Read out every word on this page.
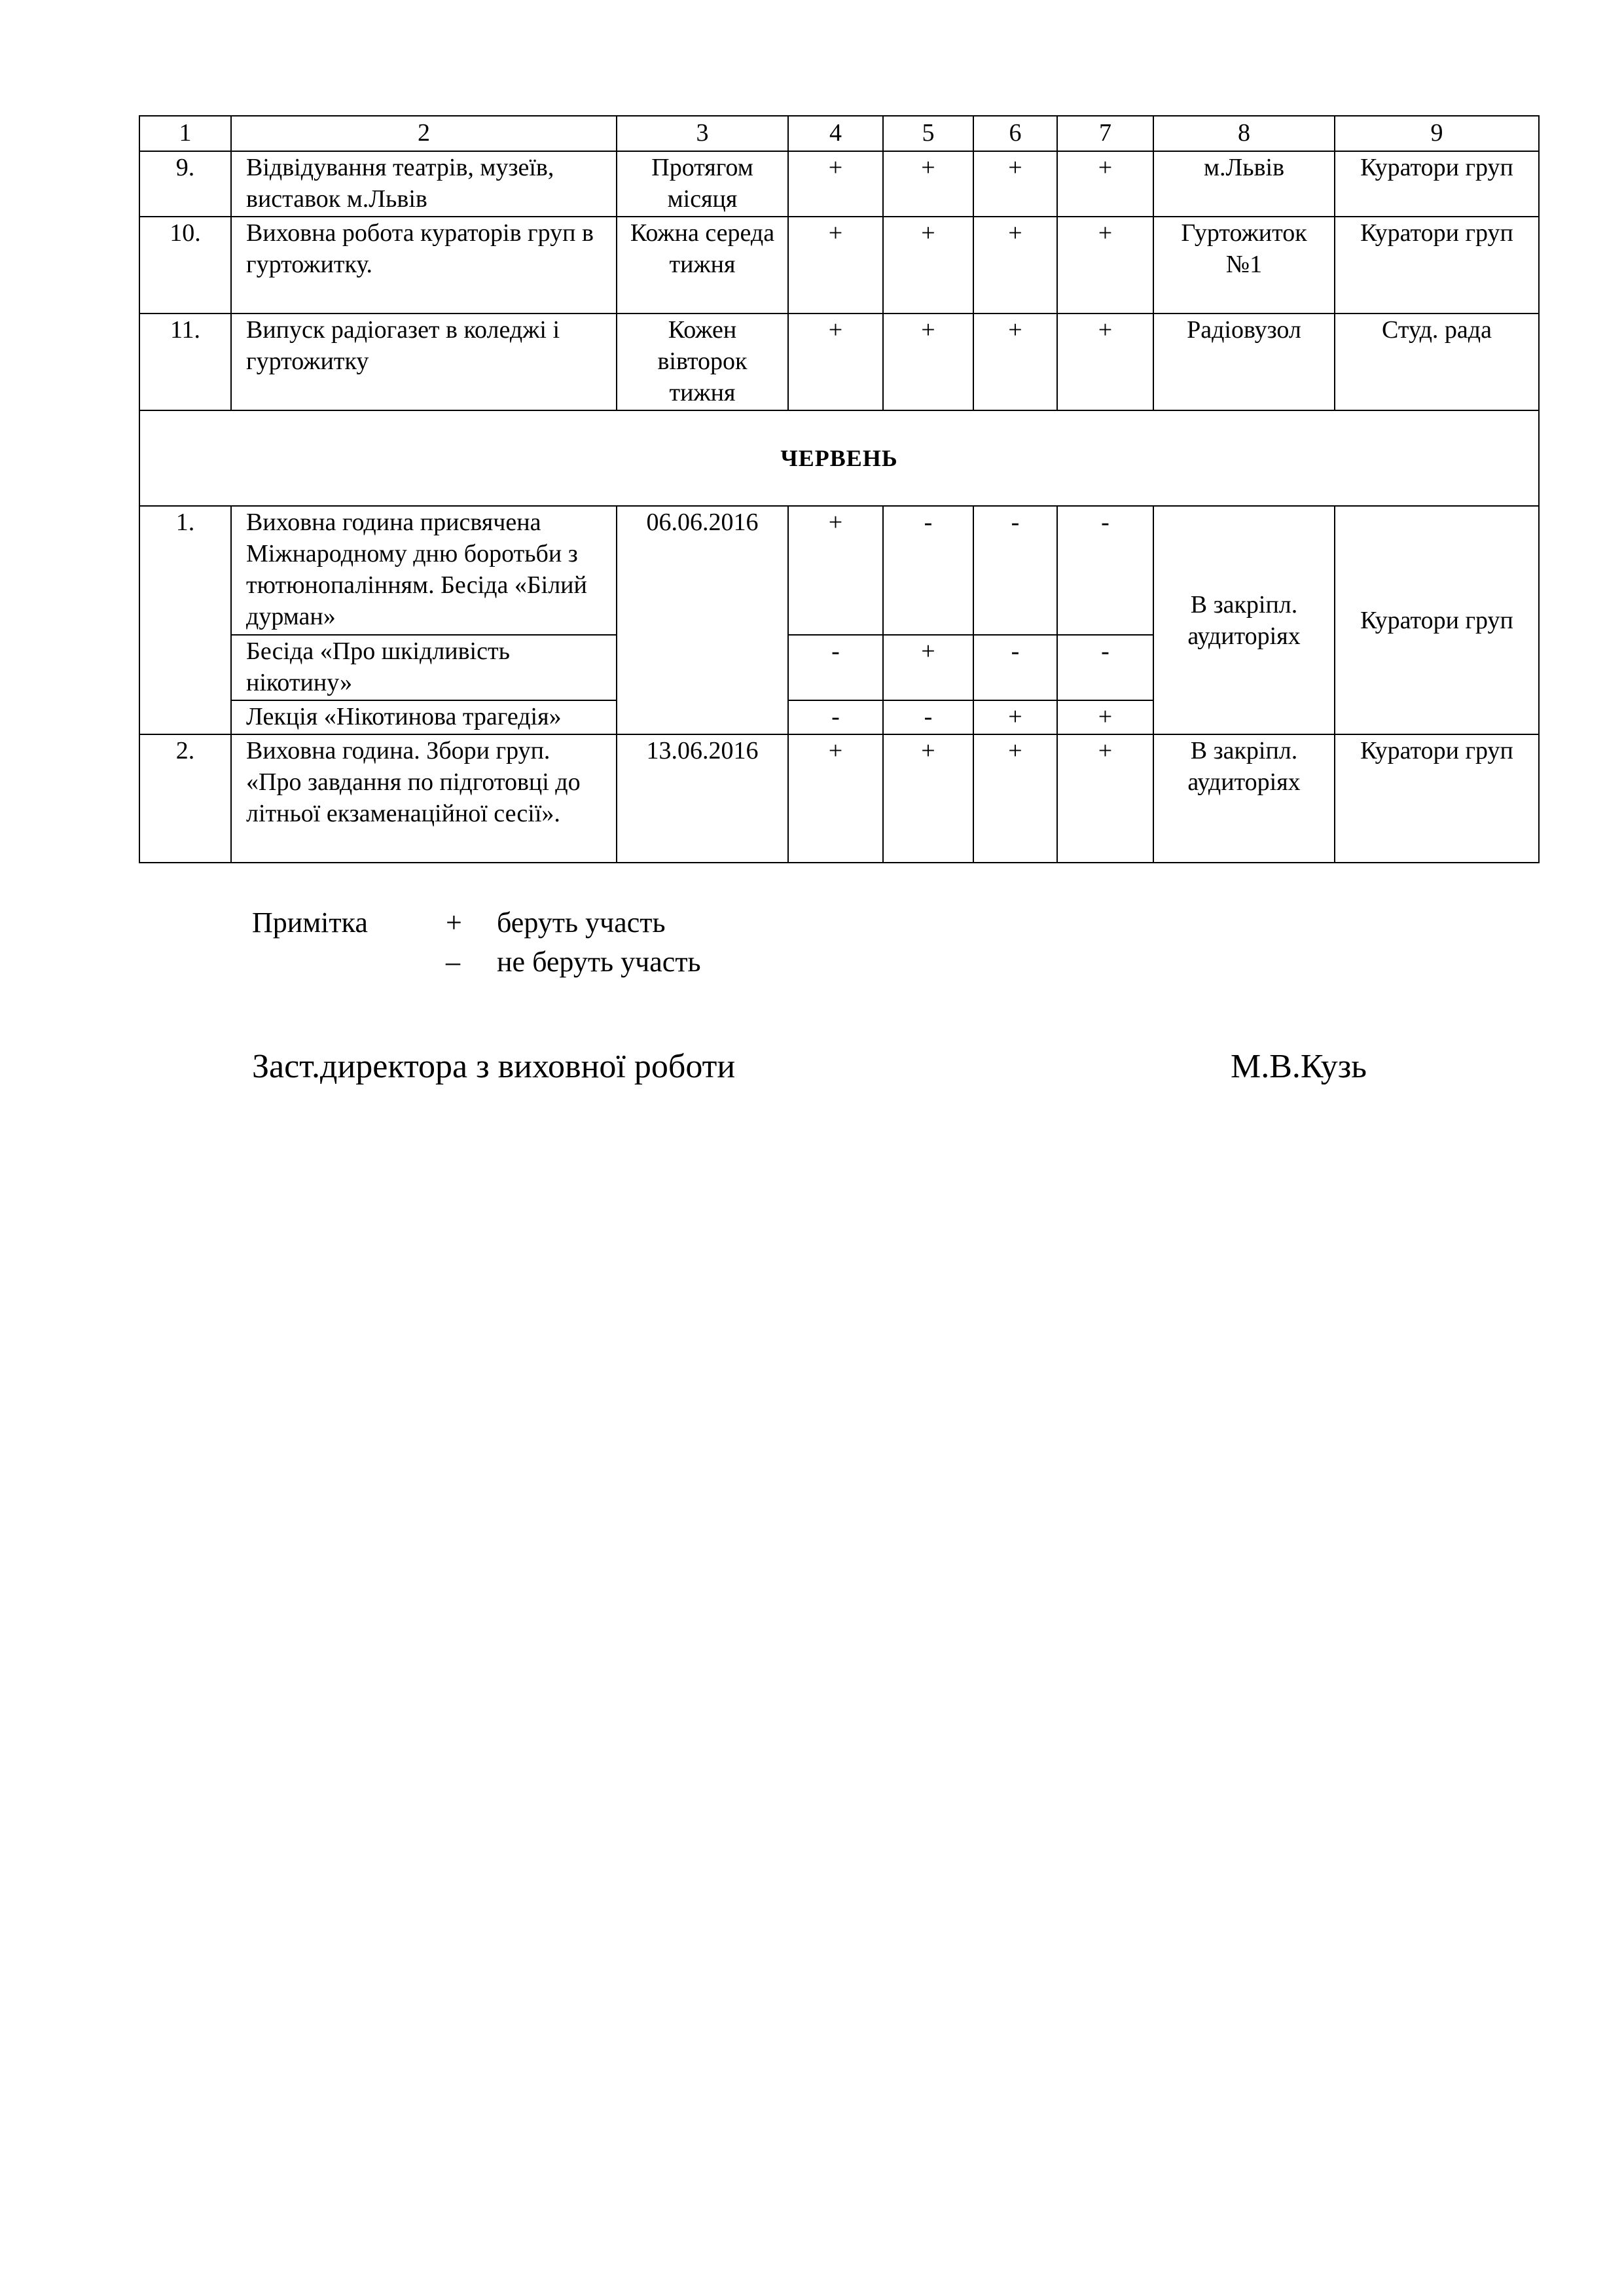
1	2	3	4	5	6	7	8	9
9.	Відвідування театрів, музеїв, виставок м.Львів	Протягом місяця	+	+	+	+	м.Львів	Куратори груп
10.	Виховна робота кураторів груп в гуртожитку.	Кожна середа тижня	+	+	+	+	Гуртожиток №1	Куратори груп
11.	Випуск радіогазет в коледжі і гуртожитку	Кожен вівторок тижня	+	+	+	+	Радіовузол	Студ. рада
ЧЕРВЕНЬ								
1.	Виховна година присвячена Міжнародному дню боротьби з тютюнопалінням. Бесіда «Білий дурман»	06.06.2016	+	-	-	-	В закріпл. аудиторіях	Куратори груп
	Бесіда «Про шкідливість нікотину»		-	+	-	-		
	Лекція «Нікотинова трагедія»		-	-	+	+		
2.	Виховна година. Збори груп. «Про завдання по підготовці до літньої екзаменаційної сесії».	13.06.2016	+	+	+	+	В закріпл. аудиторіях	Куратори груп
Примітка	+ беруть участь
– не беруть участь
Заст.директора з виховної роботи	М.В.Кузь
